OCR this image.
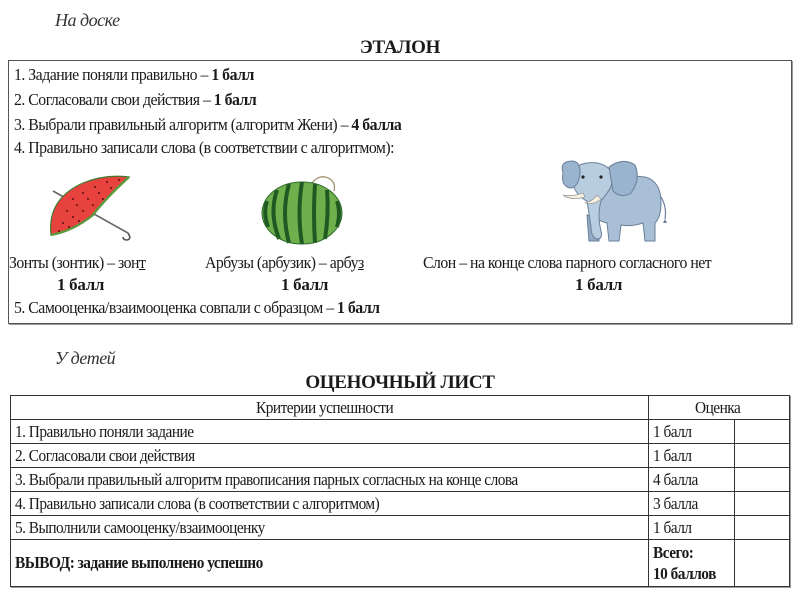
На доске
ЭТАЛОН
1. Задание поняли правильно – 1 балл
2. Согласовали свои действия – 1 балл
3. Выбрали правильный алгоритм (алгоритм Жени) – 4 балла
4. Правильно записали слова (в соответствии с алгоритмом):
Зонты (зонтик) – зонт	Арбузы (арбузик) – арбуз	Слон – на конце слова парного согласного нет
1 балл	1 балл	1 балл
5. Самооценка/взаимооценка совпали с образцом – 1 балл
У детей
ОЦЕНОЧНЫЙ ЛИСТ
Критерии успешности	Оценка	
1. Правильно поняли задание	1 балл	
2. Согласовали свои действия	1 балл	
3. Выбрали правильный алгоритм правописания парных согласных на конце слова	4 балла	
4. Правильно записали слова (в соответствии с алгоритмом)	3 балла	
5. Выполнили самооценку/взаимооценку	1 балл	
ВЫВОД: задание выполнено успешно	Всего:
10 баллов	
